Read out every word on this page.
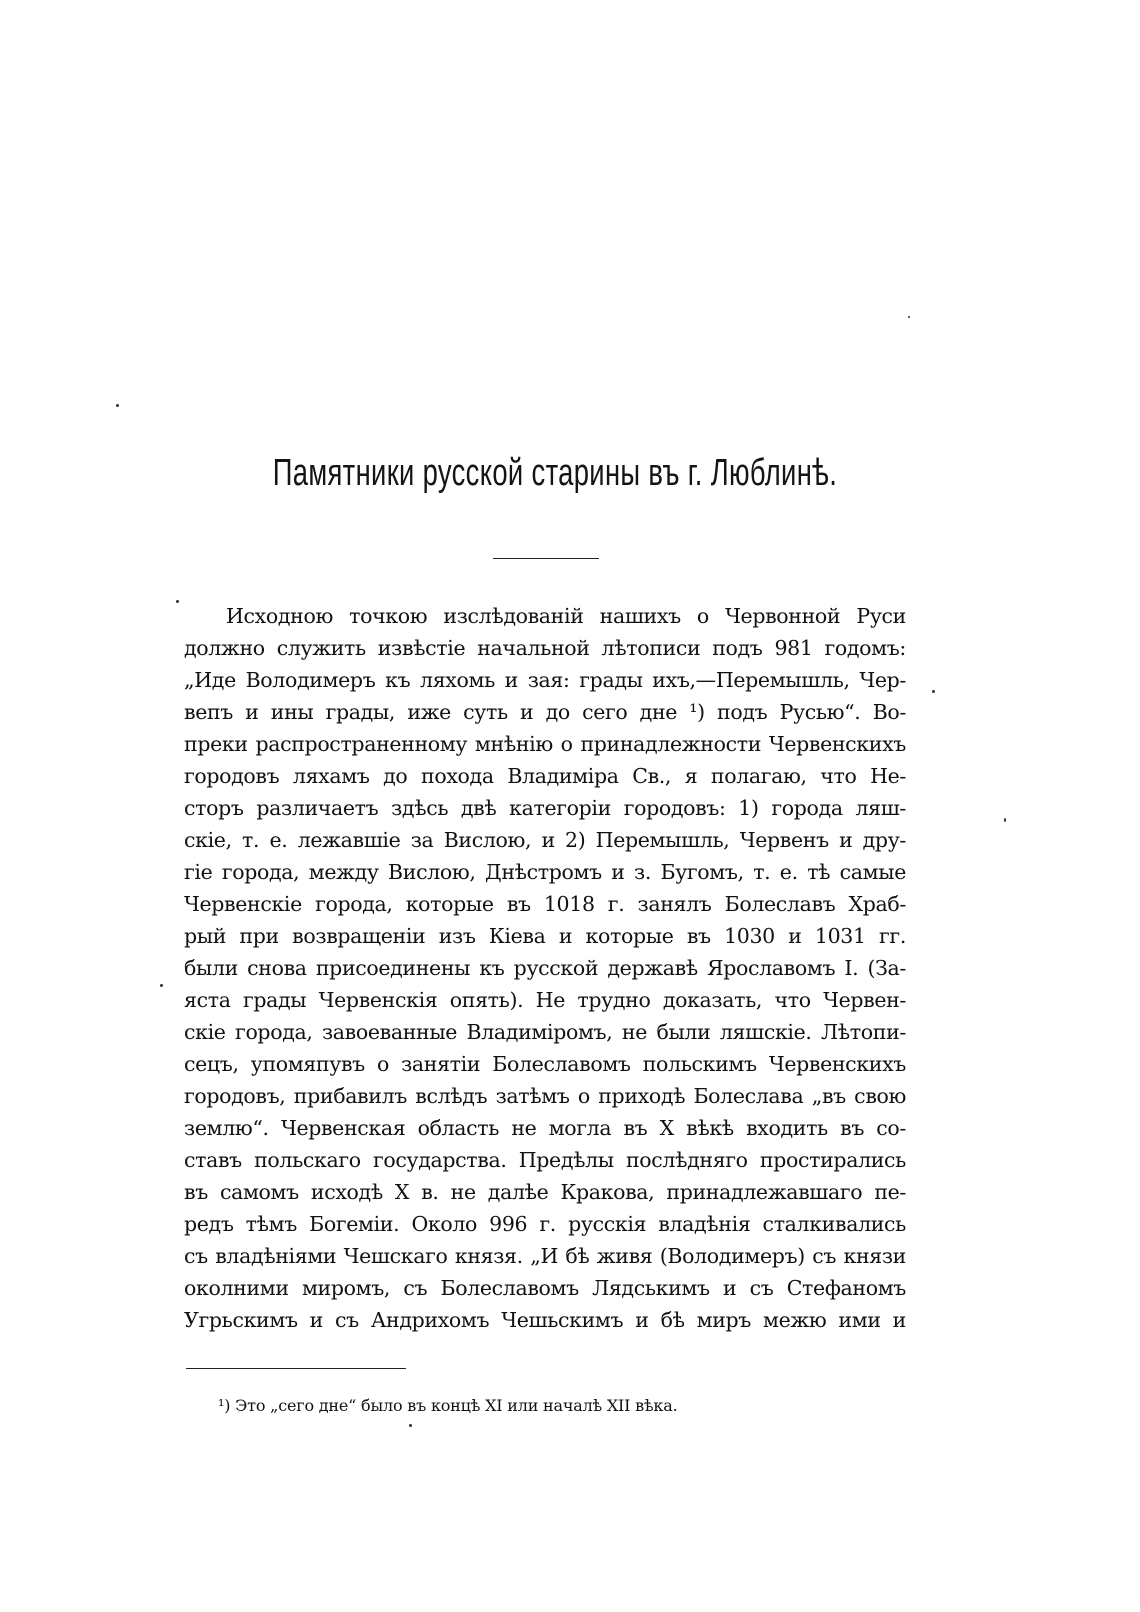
Памятники русской старины въ г. Люблинѣ.
Исходною точкою изслѣдованій нашихъ о Червонной Руси
должно служить извѣстіе начальной лѣтописи подъ 981 годомъ:
„Иде Володимеръ къ ляхомь и зая: грады ихъ,—Перемышль, Чер-
вепъ и ины грады, иже суть и до сего дне ¹) подъ Русью“. Во-
преки распространенному мнѣнію о принадлежности Червенскихъ
городовъ ляхамъ до похода Владиміра Св., я полагаю, что Не-
сторъ различаетъ здѣсь двѣ категоріи городовъ: 1) города ляш-
скіе, т. е. лежавшіе за Вислою, и 2) Перемышль, Червенъ и дру-
гіе города, между Вислою, Днѣстромъ и з. Бугомъ, т. е. тѣ самые
Червенскіе города, которые въ 1018 г. занялъ Болеславъ Храб-
рый при возвращеніи изъ Кіева и которые въ 1030 и 1031 гг.
были снова присоединены къ русской державѣ Ярославомъ I. (За-
яста грады Червенскія опять). Не трудно доказать, что Червен-
скіе города, завоеванные Владиміромъ, не были ляшскіе. Лѣтопи-
сецъ, упомяпувъ о занятіи Болеславомъ польскимъ Червенскихъ
городовъ, прибавилъ вслѣдъ затѣмъ о приходѣ Болеслава „въ свою
землю“. Червенская область не могла въ X вѣкѣ входить въ со-
ставъ польскаго государства. Предѣлы послѣдняго простирались
въ самомъ исходѣ X в. не далѣе Кракова, принадлежавшаго пе-
редъ тѣмъ Богеміи. Около 996 г. русскія владѣнія сталкивались
съ владѣніями Чешскаго князя. „И бѣ живя (Володимеръ) съ князи
околними миромъ, съ Болеславомъ Лядськимъ и съ Стефаномъ
Угрьскимъ и съ Андрихомъ Чешьскимъ и бѣ миръ межю ими и
¹) Это „сего дне“ было въ концѣ XI или началѣ XII вѣка.
